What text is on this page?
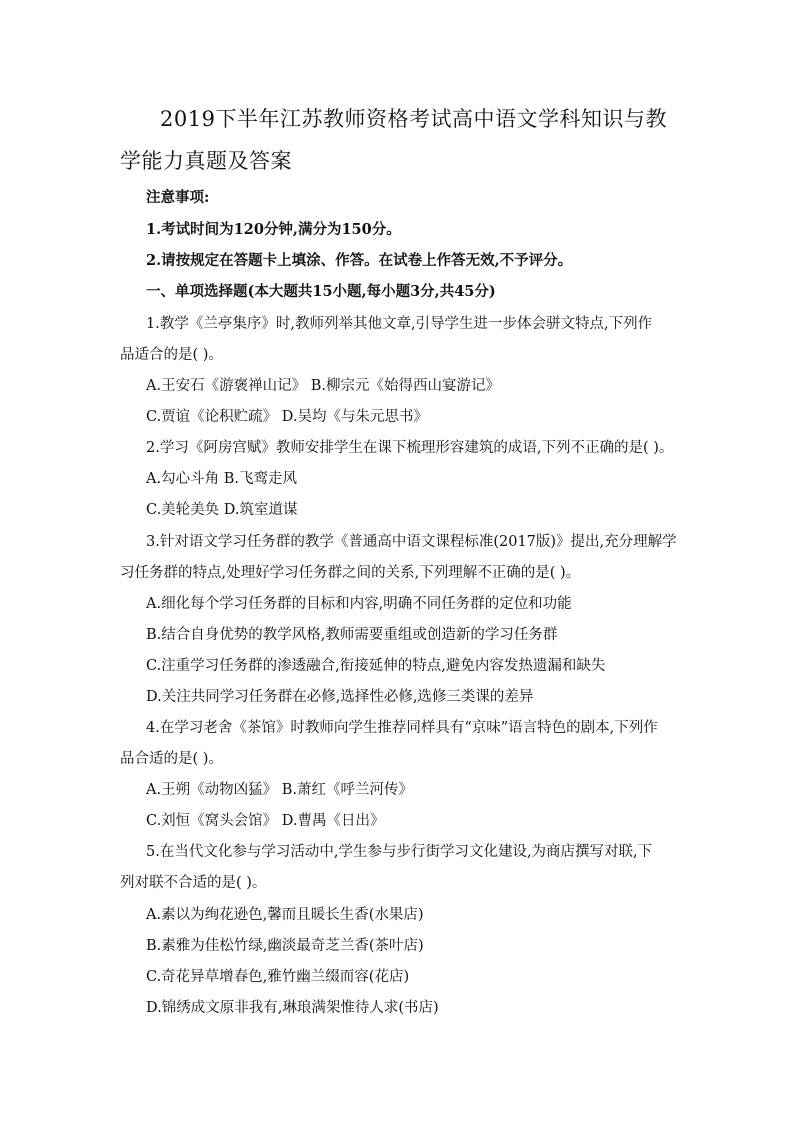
2019下半年江苏教师资格考试高中语文学科知识与教学能力真题及答案
注意事项:
1.考试时间为120分钟,满分为150分。
2.请按规定在答题卡上填涂、作答。在试卷上作答无效,不予评分。
一、单项选择题(本大题共15小题,每小题3分,共45分)
1.教学《兰亭集序》时,教师列举其他文章,引导学生进一步体会骈文特点,下列作
品适合的是( )。
A.王安石《游褒禅山记》 B.柳宗元《始得西山宴游记》
C.贾谊《论积贮疏》 D.吴均《与朱元思书》
2.学习《阿房宫赋》教师安排学生在课下梳理形容建筑的成语,下列不正确的是( )。
A.勾心斗角 B.飞鸾走风
C.美轮美奂 D.筑室道谋
3.针对语文学习任务群的教学《普通高中语文课程标准(2017版)》提出,充分理解学
习任务群的特点,处理好学习任务群之间的关系,下列理解不正确的是( )。
A.细化每个学习任务群的目标和内容,明确不同任务群的定位和功能
B.结合自身优势的教学风格,教师需要重组或创造新的学习任务群
C.注重学习任务群的渗透融合,衔接延伸的特点,避免内容发热遗漏和缺失
D.关注共同学习任务群在必修,选择性必修,选修三类课的差异
4.在学习老舍《茶馆》时教师向学生推荐同样具有“京味”语言特色的剧本,下列作
品合适的是( )。
A.王朔《动物凶猛》 B.萧红《呼兰河传》
C.刘恒《窝头会馆》 D.曹禺《日出》
5.在当代文化参与学习活动中,学生参与步行街学习文化建设,为商店撰写对联,下
列对联不合适的是( )。
A.素以为绚花逊色,馨而且暖长生香(水果店)
B.素雅为佳松竹绿,幽淡最奇芝兰香(茶叶店)
C.奇花异草增春色,雅竹幽兰缀而容(花店)
D.锦绣成文原非我有,琳琅满架惟待人求(书店)
